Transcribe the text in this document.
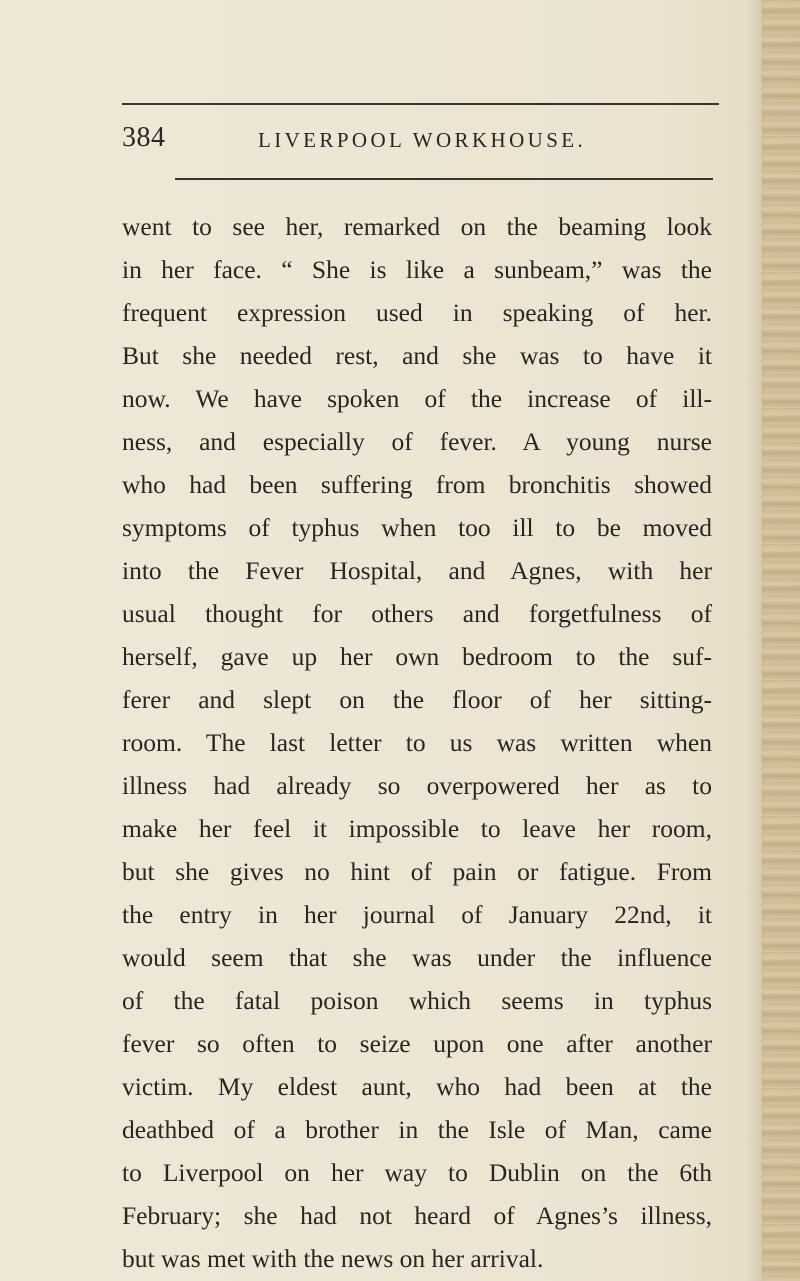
384	LIVERPOOL WORKHOUSE.
went to see her, remarked on the beaming look
in her face. “ She is like a sunbeam,” was the
frequent expression used in speaking of her.
But she needed rest, and she was to have it
now. We have spoken of the increase of ill-
ness, and especially of fever. A young nurse
who had been suffering from bronchitis showed
symptoms of typhus when too ill to be moved
into the Fever Hospital, and Agnes, with her
usual thought for others and forgetfulness of
herself, gave up her own bedroom to the suf-
ferer and slept on the floor of her sitting-
room. The last letter to us was written when
illness had already so overpowered her as to
make her feel it impossible to leave her room,
but she gives no hint of pain or fatigue. From
the entry in her journal of January 22nd, it
would seem that she was under the influence
of the fatal poison which seems in typhus
fever so often to seize upon one after another
victim. My eldest aunt, who had been at the
deathbed of a brother in the Isle of Man, came
to Liverpool on her way to Dublin on the 6th
February; she had not heard of Agnes’s illness,
but was met with the news on her arrival.
